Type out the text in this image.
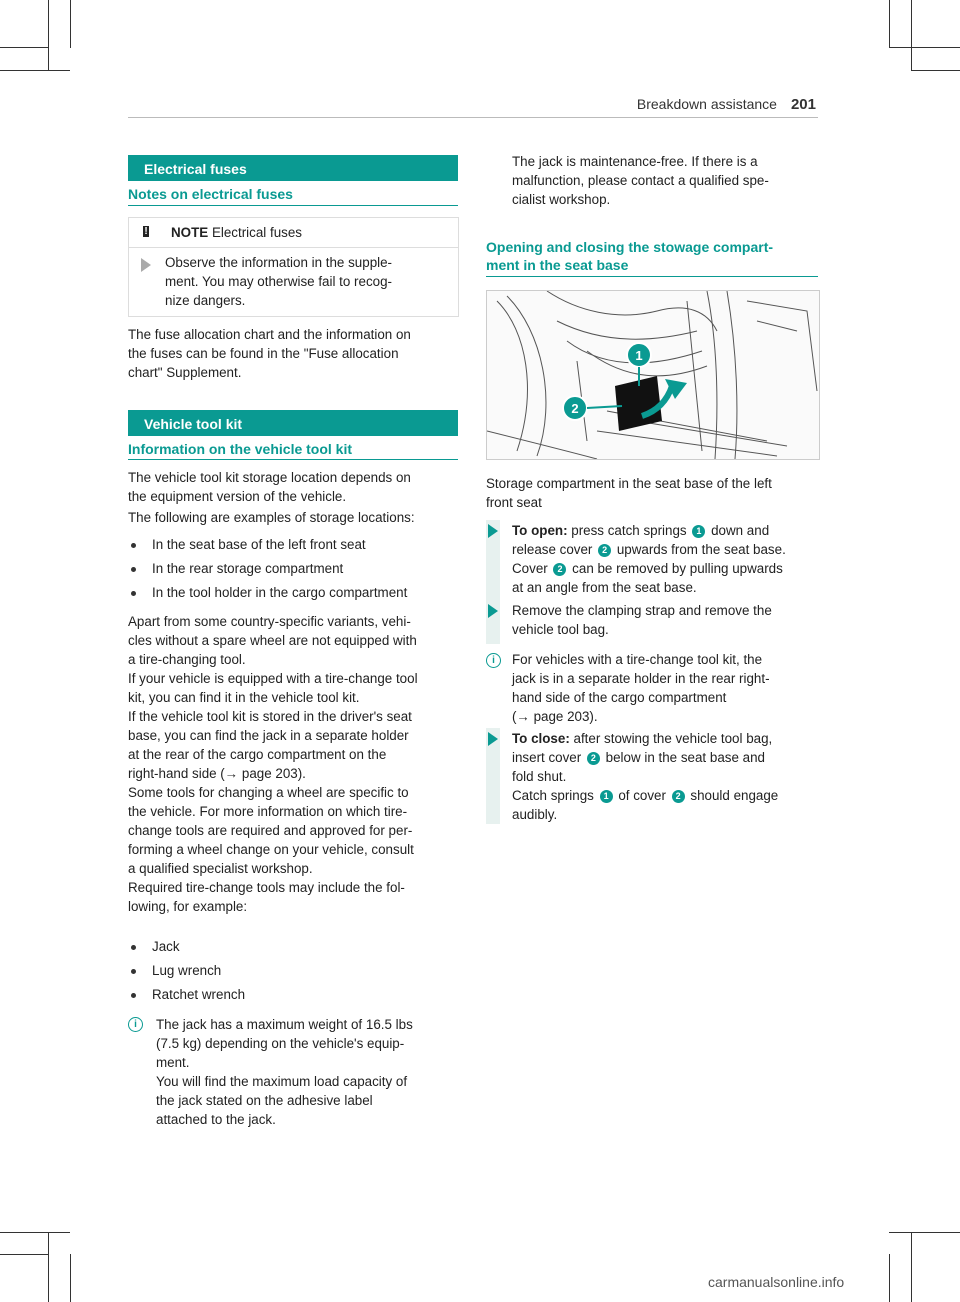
Breakdown assistance 201
Electrical fuses
Notes on electrical fuses
! NOTE Electrical fuses
Observe the information in the supple-
ment. You may otherwise fail to recog-
nize dangers.
The fuse allocation chart and the information on
the fuses can be found in the "Fuse allocation
chart" Supplement.
Vehicle tool kit
Information on the vehicle tool kit
The vehicle tool kit storage location depends on
the equipment version of the vehicle.
The following are examples of storage locations:
In the seat base of the left front seat
In the rear storage compartment
In the tool holder in the cargo compartment
Apart from some country-specific variants, vehi-
cles without a spare wheel are not equipped with
a tire-changing tool.
If your vehicle is equipped with a tire-change tool
kit, you can find it in the vehicle tool kit.
If the vehicle tool kit is stored in the driver's seat
base, you can find the jack in a separate holder
at the rear of the cargo compartment on the
right-hand side (→ page 203).
Some tools for changing a wheel are specific to
the vehicle. For more information on which tire-
change tools are required and approved for per-
forming a wheel change on your vehicle, consult
a qualified specialist workshop.
Required tire-change tools may include the fol-
lowing, for example:
Jack
Lug wrench
Ratchet wrench
i	The jack has a maximum weight of 16.5 lbs
(7.5 kg) depending on the vehicle's equip-
ment.
You will find the maximum load capacity of
the jack stated on the adhesive label
attached to the jack.
The jack is maintenance-free. If there is a
malfunction, please contact a qualified spe-
cialist workshop.
Opening and closing the stowage compart-
ment in the seat base
1
2
Storage compartment in the seat base of the left
front seat
To open: press catch springs 1 down and
release cover 2 upwards from the seat base.
Cover 2 can be removed by pulling upwards
at an angle from the seat base.
Remove the clamping strap and remove the
vehicle tool bag.
i	For vehicles with a tire-change tool kit, the
jack is in a separate holder in the rear right-
hand side of the cargo compartment
(→ page 203).
To close: after stowing the vehicle tool bag,
insert cover 2 below in the seat base and
fold shut.
Catch springs 1 of cover 2 should engage
audibly.
carmanualsonline.info
